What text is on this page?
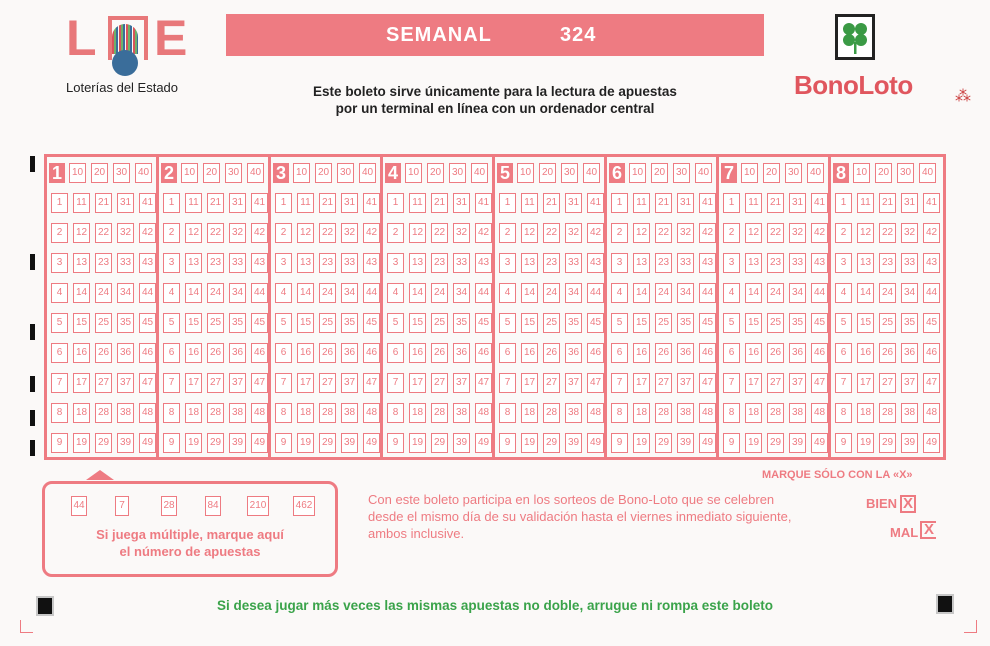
L E
Loterías del Estado
SEMANAL	324
Este boleto sirve únicamente para la lectura de apuestas
por un terminal en línea con un ordenador central
BonoLoto	⁂
1 10 20 30 40
1	11	21 31 41
2	12 22 32 42
3	13 23 33 43
4	14 24 34 44
5	15 25 35 45
6	16 26 36 46
7	17 27 37 47
8	18 28 38 48
9	19 29 39 49
2 10 20 30 40
1	11	21 31 41
2	12 22 32 42
3	13 23 33 43
4	14 24 34 44
5	15 25 35 45
6	16 26 36 46
7	17 27 37 47
8	18 28 38 48
9	19 29 39 49
3 10 20 30 40
1	11	21 31 41
2	12 22 32 42
3	13 23 33 43
4	14 24 34 44
5	15 25 35 45
6	16 26 36 46
7	17 27 37 47
8	18 28 38 48
9	19 29 39 49
4 10 20 30 40
1	11	21 31 41
2	12 22 32 42
3	13 23 33 43
4	14 24 34 44
5	15 25 35 45
6	16 26 36 46
7	17 27 37 47
8	18 28 38 48
9	19 29 39 49
5 10 20 30 40
1	11	21 31 41
2	12 22 32 42
3	13 23 33 43
4	14 24 34 44
5	15 25 35 45
6	16 26 36 46
7	17 27 37 47
8	18 28 38 48
9	19 29 39 49
6 10 20 30 40
1	11	21 31 41
2	12 22 32 42
3	13 23 33 43
4	14 24 34 44
5	15 25 35 45
6	16 26 36 46
7	17 27 37 47
8	18 28 38 48
9	19 29 39 49
7 10 20 30 40
1	11	21 31 41
2	12 22 32 42
3	13 23 33 43
4	14 24 34 44
5	15 25 35 45
6	16 26 36 46
7	17 27 37 47
8	18 28 38 48
9	19 29 39 49
8 10 20 30 40
1	11	21 31 41
2	12 22 32 42
3	13 23 33 43
4	14 24 34 44
5	15 25 35 45
6	16 26 36 46
7	17 27 37 47
8	18 28 38 48
9	19 29 39 49
MARQUE SÓLO CON LA «X»
44	7	28	84	210	462
Si juega múltiple, marque aquí
el número de apuestas
Con este boleto participa en los sorteos de Bono-Loto que se celebren
desde el mismo día de su validación hasta el viernes inmediato siguiente,
ambos inclusive.
BIEN X
MAL X
Si desea jugar más veces las mismas apuestas no doble, arrugue ni rompa este boleto
